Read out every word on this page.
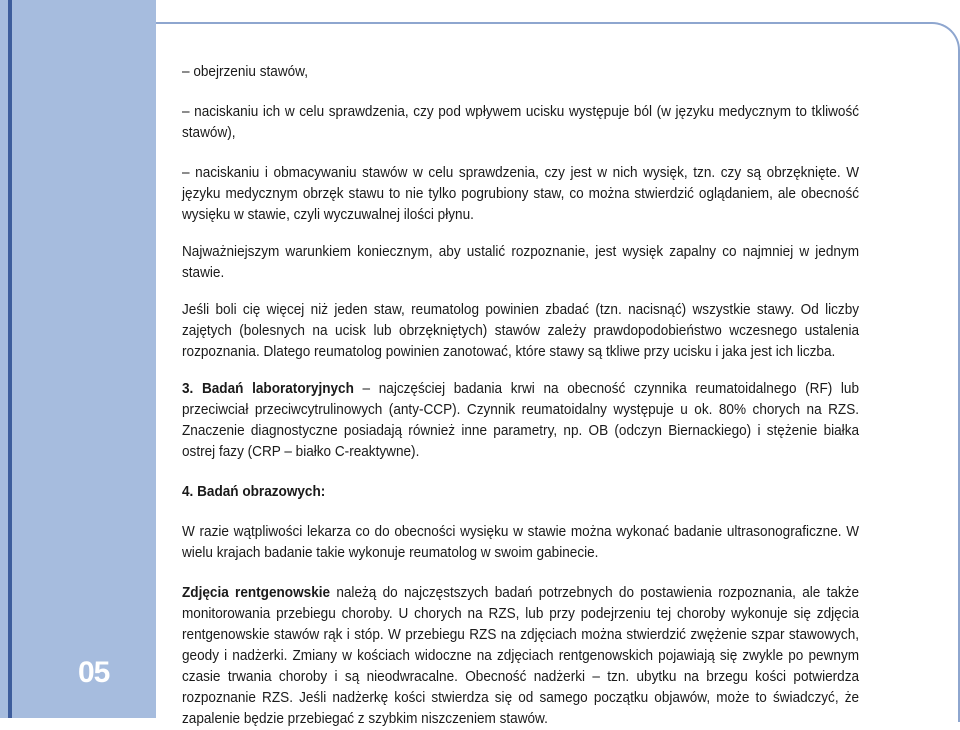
05

– obejrzeniu stawów,

– naciskaniu ich w celu sprawdzenia, czy pod wpływem ucisku występuje ból (w języku medycznym to tkliwość stawów),

– naciskaniu i obmacywaniu stawów w celu sprawdzenia, czy jest w nich wysięk, tzn. czy są obrzęknięte. W języku medycznym obrzęk stawu to nie tylko pogrubiony staw, co można stwierdzić oglądaniem, ale obecność wysięku w stawie, czyli wyczuwalnej ilości płynu.

Najważniejszym warunkiem koniecznym, aby ustalić rozpoznanie, jest wysięk zapalny co najmniej w jednym stawie.

Jeśli boli cię więcej niż jeden staw, reumatolog powinien zbadać (tzn. nacisnąć) wszystkie stawy. Od liczby zajętych (bolesnych na ucisk lub obrzękniętych) stawów zależy prawdopodobieństwo wczesnego ustalenia rozpoznania. Dlatego reumatolog powinien zanotować, które stawy są tkliwe przy ucisku i jaka jest ich liczba.

3. Badań laboratoryjnych – najczęściej badania krwi na obecność czynnika reumatoidalnego (RF) lub przeciwciał przeciwcytrulinowych (anty-CCP). Czynnik reumatoidalny występuje u ok. 80% chorych na RZS. Znaczenie diagnostyczne posiadają również inne parametry, np. OB (odczyn Biernackiego) i stężenie białka ostrej fazy (CRP – białko C-reaktywne).

4. Badań obrazowych:

W razie wątpliwości lekarza co do obecności wysięku w stawie można wykonać badanie ultrasonograficzne. W wielu krajach badanie takie wykonuje reumatolog w swoim gabinecie.

Zdjęcia rentgenowskie należą do najczęstszych badań potrzebnych do postawienia rozpoznania, ale także monitorowania przebiegu choroby. U chorych na RZS, lub przy podejrzeniu tej choroby wykonuje się zdjęcia rentgenowskie stawów rąk i stóp. W przebiegu RZS na zdjęciach można stwierdzić zwężenie szpar stawowych, geody i nadżerki. Zmiany w kościach widoczne na zdjęciach rentgenowskich pojawiają się zwykle po pewnym czasie trwania choroby i są nieodwracalne. Obecność nadżerki – tzn. ubytku na brzegu kości potwierdza rozpoznanie RZS. Jeśli nadżerkę kości stwierdza się od samego początku objawów, może to świadczyć, że zapalenie będzie przebiegać z szybkim niszczeniem stawów.
